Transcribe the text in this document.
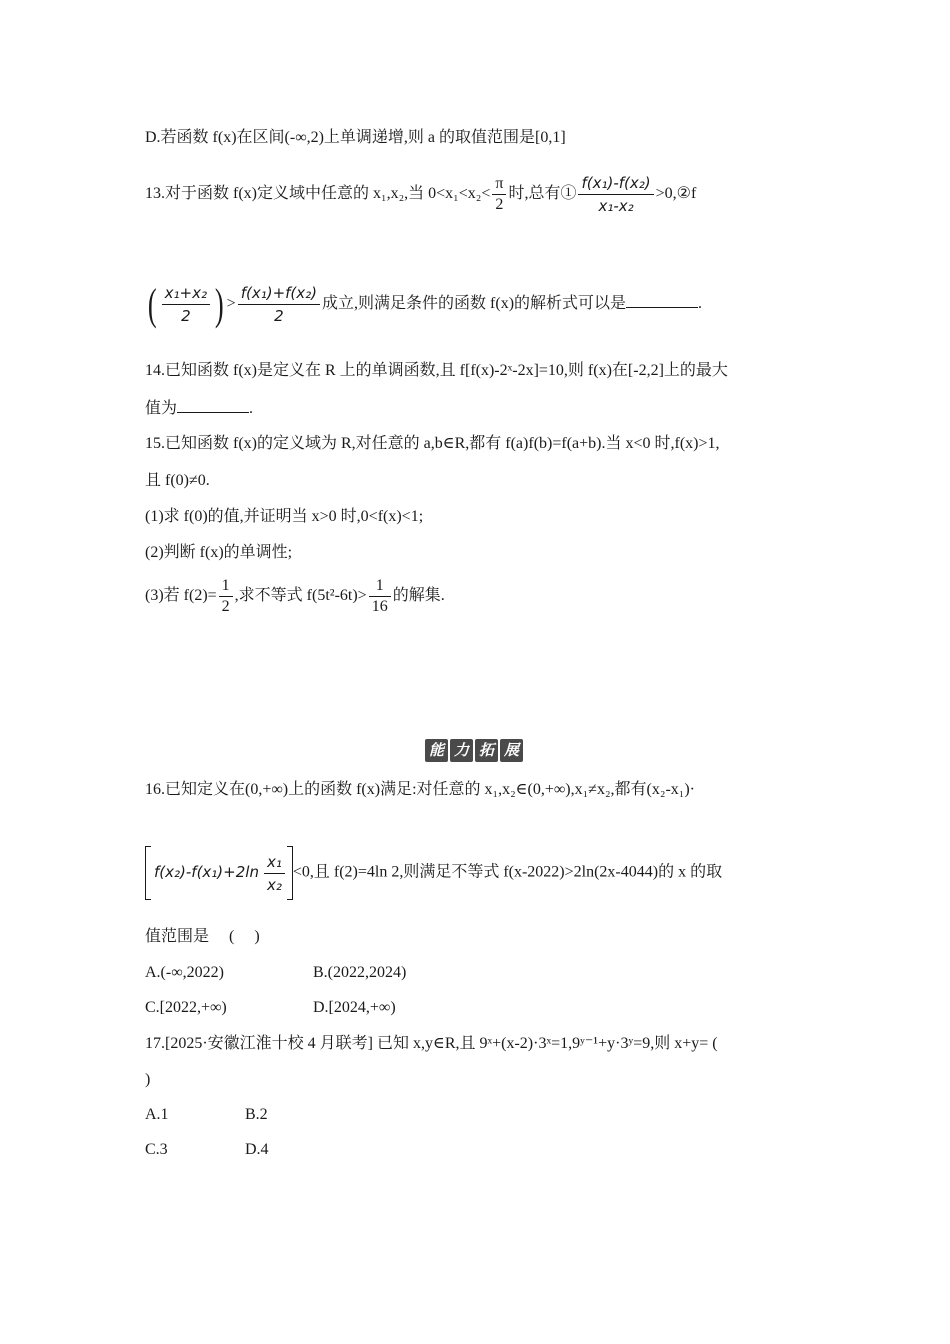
D.若函数 f(x)在区间(-∞,2)上单调递增,则 a 的取值范围是[0,1]
13.对于函数 f(x)定义域中任意的 x₁,x₂,当 $0<x_1<x_2< \frac{\pi}{2}$ 时,总有① $\frac{\text{f(x₁)-f(x₂)}}{\text{x₁-x₂}}$ >0,②f
( $\frac{\text{x₁+x₂}}{2}$ ) > $\frac{\text{f(x₁)+f(x₂)}}{2}$ 成立,则满足条件的函数 f(x)的解析式可以是	.
14.已知函数 f(x)是定义在 R 上的单调函数,且 f[f(x)-2ˣ-2x]=10,则 f(x)在[-2,2]上的最大
值为	.
15.已知函数 f(x)的定义域为 R,对任意的 a,b∈R,都有 f(a)f(b)=f(a+b).当 x<0 时,f(x)>1,
且 f(0)≠0.
(1)求 f(0)的值,并证明当 x>0 时,0<f(x)<1;
(2)判断 f(x)的单调性;
(3)若 $f(2)= \frac{1}{2}$ ,求不等式 $f(5t^2-6t)> \frac{1}{16}$ 的解集.
能 力 拓 展
16.已知定义在(0,+∞)上的函数 f(x)满足:对任意的 x₁,x₂∈(0,+∞),x₁≠x₂,都有(x₂-x₁)·
$f(x_2)-f(x_1)+2\ln \frac{\text{x₁}}{\text{x₂}} <0$,且 f(2)=4ln 2,则满足不等式 f(x-2022)>2ln(2x-4044)的 x 的取
值范围是　 (　 )
A.(-∞,2022)	B.(2022,2024)
C.[2022,+∞)	D.[2024,+∞)
17.[2025·安徽江淮十校 4 月联考] 已知 x,y∈R,且 9ˣ+(x-2)·3ˣ=1,9ʸ⁻¹+y·3ʸ=9,则 x+y= (
)
A.1	B.2
C.3	D.4
